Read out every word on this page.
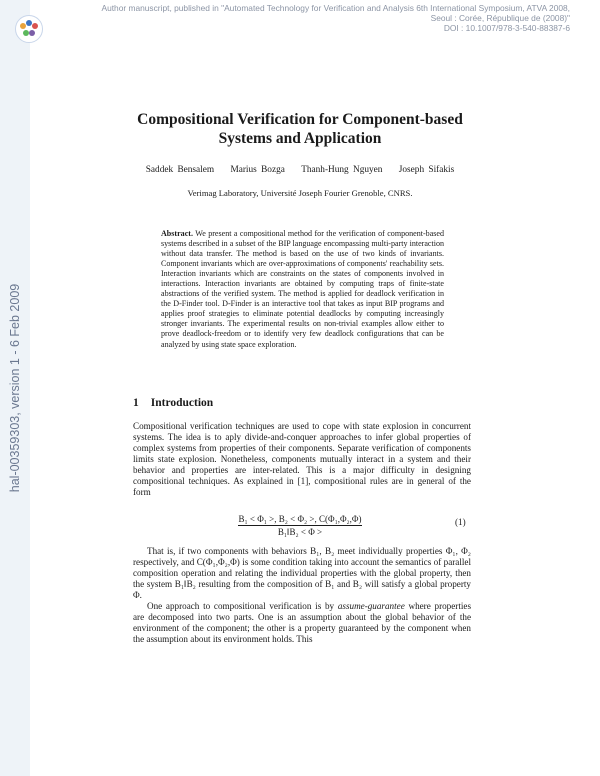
hal-00359303, version 1 - 6 Feb 2009
Author manuscript, published in "Automated Technology for Verification and Analysis 6th International Symposium, ATVA 2008,
Seoul : Corée, République de (2008)"
DOI : 10.1007/978-3-540-88387-6
Compositional Verification for Component-based
Systems and Application
Saddek Bensalem Marius Bozga Thanh-Hung Nguyen Joseph Sifakis
Verimag Laboratory, Université Joseph Fourier Grenoble, CNRS.

Abstract. We present a compositional method for the verification of component-based systems described in a subset of the BIP language encompassing multi-party interaction without data transfer. The method is based on the use of two kinds of invariants. Component invariants which are over-approximations of components' reachability sets. Interaction invariants which are constraints on the states of components involved in interactions. Interaction invariants are obtained by computing traps of finite-state abstractions of the verified system. The method is applied for deadlock verification in the D-Finder tool. D-Finder is an interactive tool that takes as input BIP programs and applies proof strategies to eliminate potential deadlocks by computing increasingly stronger invariants. The experimental results on non-trivial examples allow either to prove deadlock-freedom or to identify very few deadlock configurations that can be analyzed by using state space exploration.

1 Introduction

Compositional verification techniques are used to cope with state explosion in concurrent systems. The idea is to aply divide-and-conquer approaches to infer global properties of complex systems from properties of their components. Separate verification of components limits state explosion. Nonetheless, components mutually interact in a system and their behavior and properties are inter-related. This is a major difficulty in designing compositional techniques. As explained in [1], compositional rules are in general of the form

$\frac{\text{B₁ < Φ₁ >, B₂ < Φ₂ >, C(Φ₁,Φ₂,Φ)}}{\text{B₁‖B₂ < Φ >}}$	(1)

That is, if two components with behaviors B₁, B₂ meet individually properties Φ₁, Φ₂ respectively, and C(Φ₁,Φ₂,Φ) is some condition taking into account the semantics of parallel composition operation and relating the individual properties with the global property, then the system B₁‖B₂ resulting from the composition of B₁ and B₂ will satisfy a global property Φ.

One approach to compositional verification is by assume-guarantee where properties are decomposed into two parts. One is an assumption about the global behavior of the environment of the component; the other is a property guaranteed by the component when the assumption about its environment holds. This
